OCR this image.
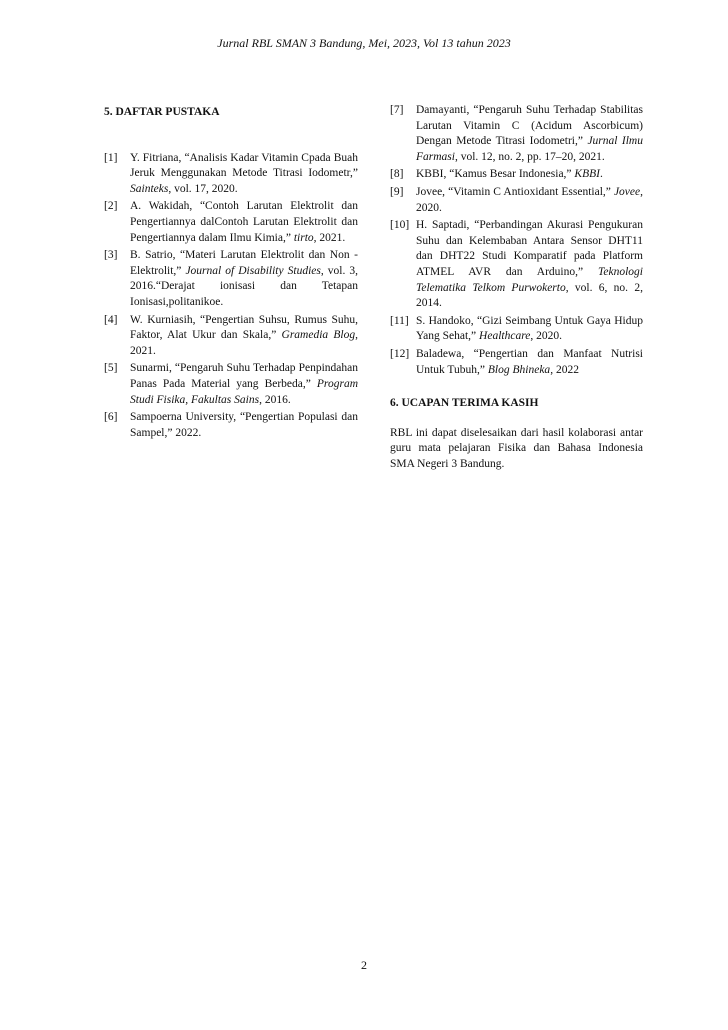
Jurnal RBL SMAN 3 Bandung, Mei, 2023, Vol 13 tahun 2023
5. DAFTAR PUSTAKA
[1]	Y. Fitriana, “Analisis Kadar Vitamin Cpada Buah Jeruk Menggunakan Metode Titrasi Iodometr,” Sainteks, vol. 17, 2020.
[2]	A. Wakidah, “Contoh Larutan Elektrolit dan Pengertiannya dalContoh Larutan Elektrolit dan Pengertiannya dalam Ilmu Kimia,” tirto, 2021.
[3]	B. Satrio, “Materi Larutan Elektrolit dan Non - Elektrolit,” Journal of Disability Studies, vol. 3, 2016.“Derajat ionisasi dan Tetapan Ionisasi,politanikoe.
[4]	W. Kurniasih, “Pengertian Suhsu, Rumus Suhu, Faktor, Alat Ukur dan Skala,” Gramedia Blog, 2021.
[5]	Sunarmi, “Pengaruh Suhu Terhadap Penpindahan Panas Pada Material yang Berbeda,” Program Studi Fisika, Fakultas Sains, 2016.
[6]	Sampoerna University, “Pengertian Populasi dan Sampel,” 2022.
[7]	Damayanti, “Pengaruh Suhu Terhadap Stabilitas Larutan Vitamin C (Acidum Ascorbicum) Dengan Metode Titrasi Iodometri,” Jurnal Ilmu Farmasi, vol. 12, no. 2, pp. 17–20, 2021.
[8]	KBBI, “Kamus Besar Indonesia,” KBBI.
[9]	Jovee, “Vitamin C Antioxidant Essential,” Jovee, 2020.
[10] H. Saptadi, “Perbandingan Akurasi Pengukuran Suhu dan Kelembaban Antara Sensor DHT11 dan DHT22 Studi Komparatif pada Platform ATMEL AVR dan Arduino,” Teknologi Telematika Telkom Purwokerto, vol. 6, no. 2, 2014.
[11] S. Handoko, “Gizi Seimbang Untuk Gaya Hidup Yang Sehat,” Healthcare, 2020.
[12] Baladewa, “Pengertian dan Manfaat Nutrisi Untuk Tubuh,” Blog Bhineka, 2022
6. UCAPAN TERIMA KASIH

RBL ini dapat diselesaikan dari hasil kolaborasi antar guru mata pelajaran Fisika dan Bahasa Indonesia SMA Negeri 3 Bandung.

2
